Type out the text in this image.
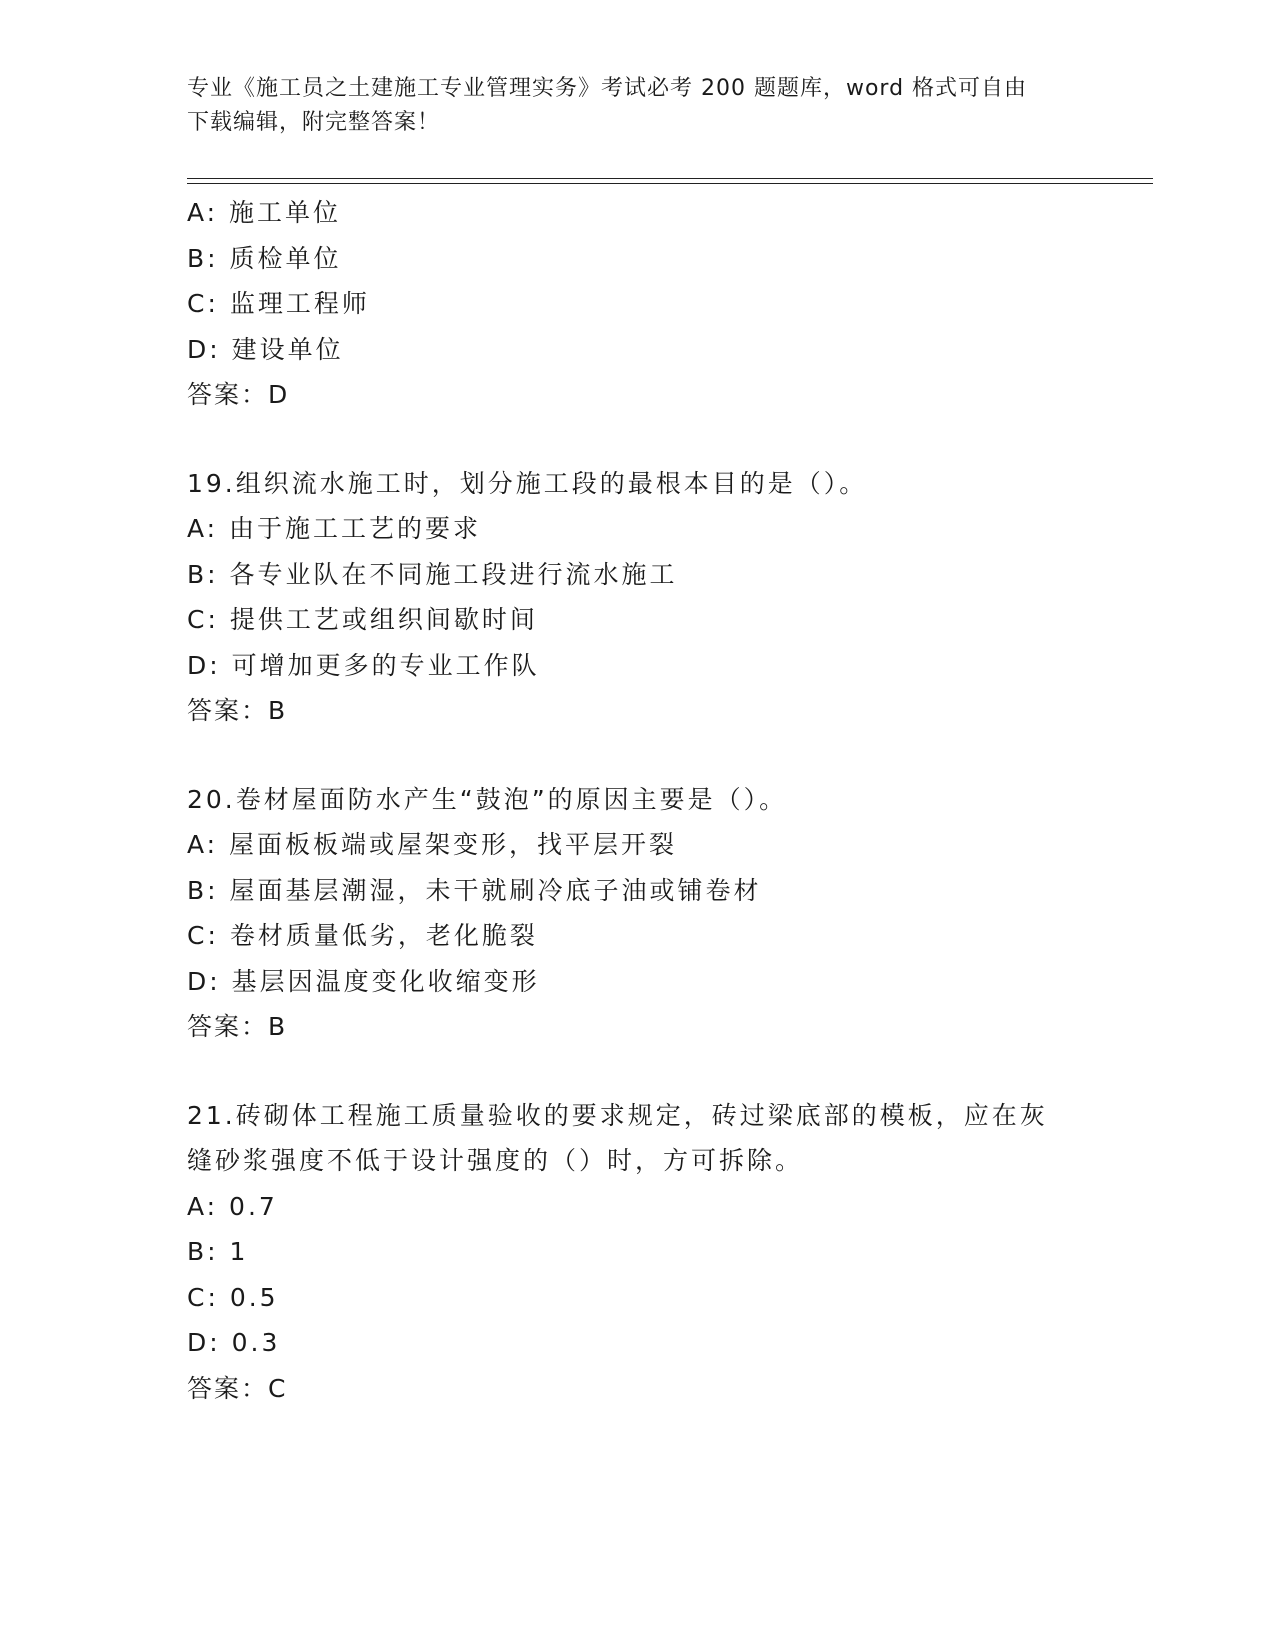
专业《施工员之土建施工专业管理实务》考试必考 200 题题库，word 格式可自由
下载编辑，附完整答案！
A: 施工单位
B: 质检单位
C: 监理工程师
D: 建设单位
答案：D
19.组织流水施工时，划分施工段的最根本目的是（）。
A: 由于施工工艺的要求
B: 各专业队在不同施工段进行流水施工
C: 提供工艺或组织间歇时间
D: 可增加更多的专业工作队
答案：B
20.卷材屋面防水产生“鼓泡”的原因主要是（）。
A: 屋面板板端或屋架变形，找平层开裂
B: 屋面基层潮湿，未干就刷冷底子油或铺卷材
C: 卷材质量低劣，老化脆裂
D: 基层因温度变化收缩变形
答案：B
21.砖砌体工程施工质量验收的要求规定，砖过梁底部的模板，应在灰
缝砂浆强度不低于设计强度的（）时，方可拆除。
A: 0.7
B: 1
C: 0.5
D: 0.3
答案：C
